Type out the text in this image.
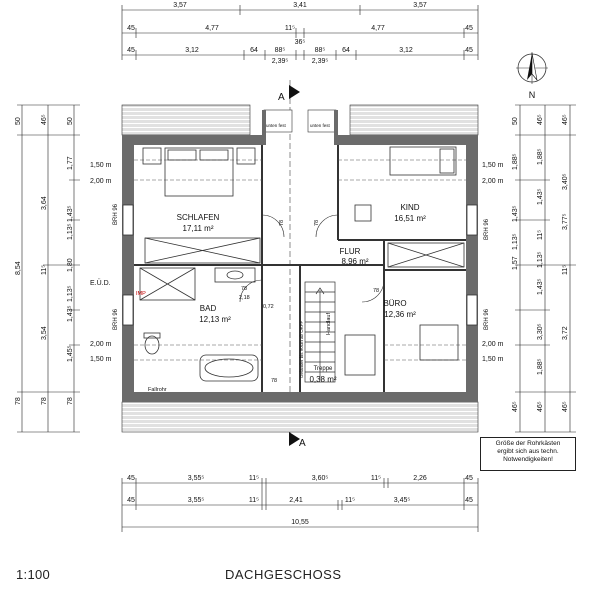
3,57	3,41	3,57
45	4,77	11⁵	4,77	45
45	3,12	64 88⁵
36⁵
88⁵ 64	3,12	45
2,39⁵	2,39⁵
N
A
A
unten fest	unten fest
SCHLAFEN
17,11 m²
KIND
16,51 m²
FLUR
8,96 m²
BAD
12,13 m²
BÜRO
12,36 m²
Treppe
0,38 m²
E.Ü.D.
Fallrohr
IMP
78
2,18
0,72
78
78	78
78
Handlauf
Geländer bis 90cm ab OKFF
1,50 m
2,00 m
1,50 m
2,00 m
2,00 m
1,50 m
2,00 m
1,50 m
BRH 96
BRH 96
BRH 96
BRH 96
50
8,54
78
46⁵
3,64
11⁵
3,54
78
50
1,77
1,43⁵
1,80
1,43⁵
1,45⁵
78
1,13⁵
1,13⁵
46⁵
3,40⁵
3,77⁵
11⁵
3,72
46⁵
46⁵
1,88⁵
1,43⁵
11⁵
1,13⁵
1,43⁵
3,30⁵
1,88⁵
46⁵
50
1,88⁵
1,57
1,43⁵
1,13⁵
46⁵
45	3,55⁵	11⁵	3,60⁵	11⁵	2,26	45
45	3,55⁵	11⁵	2,41	11⁵	3,45⁵	45
10,55
Größe der Rohrkästen
ergibt sich aus techn.
Notwendigkeiten!
1:100	DACHGESCHOSS
